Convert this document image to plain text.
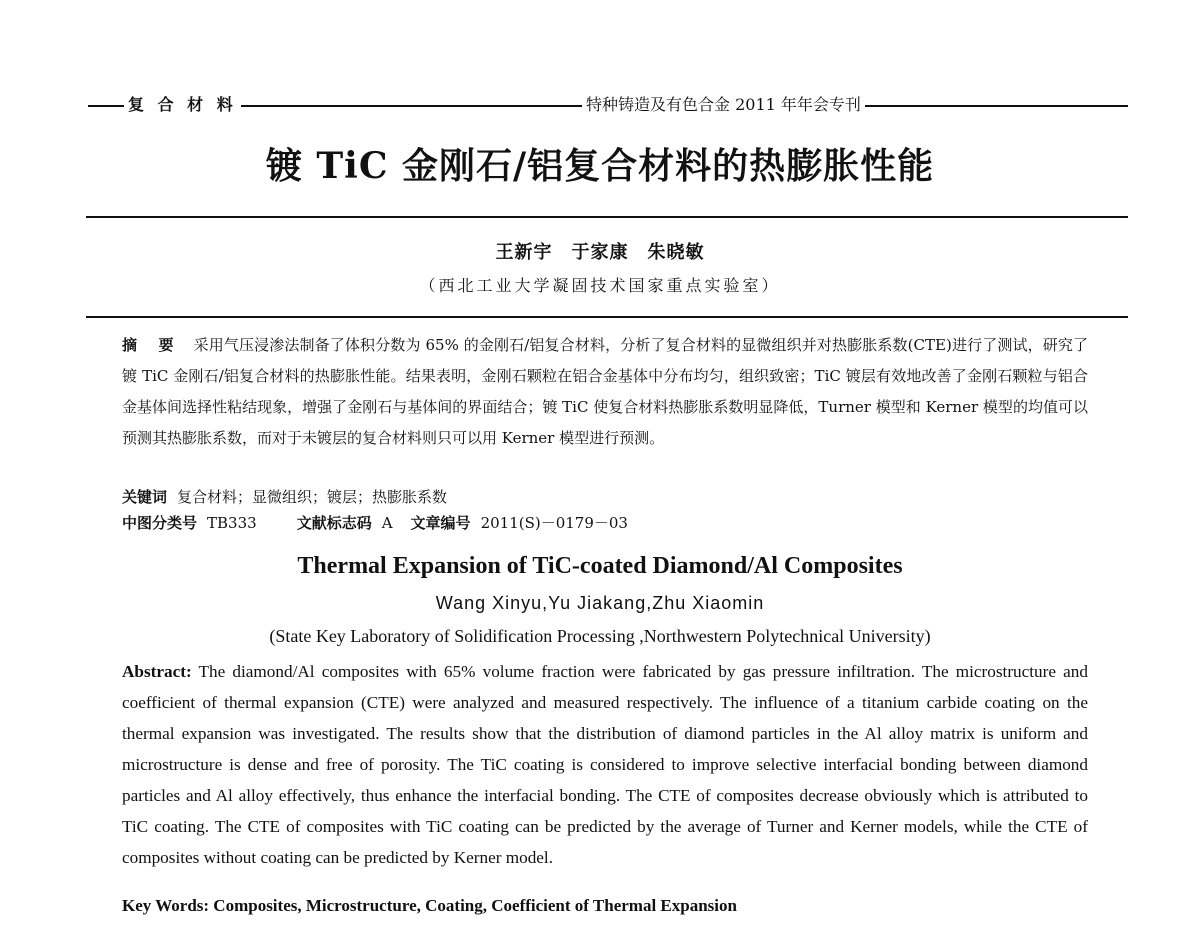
复 合 材 料	特种铸造及有色合金 2011 年年会专刊
镀 TiC 金刚石/铝复合材料的热膨胀性能
王新宇　于家康　朱晓敏
（西北工业大学凝固技术国家重点实验室）
摘 要 采用气压浸渗法制备了体积分数为 65% 的金刚石/铝复合材料，分析了复合材料的显微组织并对热膨胀系数(CTE)进行了测试，研究了镀 TiC 金刚石/铝复合材料的热膨胀性能。结果表明，金刚石颗粒在铝合金基体中分布均匀，组织致密；TiC 镀层有效地改善了金刚石颗粒与铝合金基体间选择性粘结现象，增强了金刚石与基体间的界面结合；镀 TiC 使复合材料热膨胀系数明显降低，Turner 模型和 Kerner 模型的均值可以预测其热膨胀系数，而对于未镀层的复合材料则只可以用 Kerner 模型进行预测。
关键词 复合材料；显微组织；镀层；热膨胀系数
中图分类号 TB333	文献标志码 A 文章编号 2011(S)－0179－03
Thermal Expansion of TiC-coated Diamond/Al Composites
Wang Xinyu,Yu Jiakang,Zhu Xiaomin
(State Key Laboratory of Solidification Processing ,Northwestern Polytechnical University)
Abstract: The diamond/Al composites with 65% volume fraction were fabricated by gas pressure infiltration. The microstructure and coefficient of thermal expansion (CTE) were analyzed and measured respectively. The influence of a titanium carbide coating on the thermal expansion was investigated. The results show that the distribution of diamond particles in the Al alloy matrix is uniform and microstructure is dense and free of porosity. The TiC coating is considered to improve selective interfacial bonding between diamond particles and Al alloy effectively, thus enhance the interfacial bonding. The CTE of composites decrease obviously which is attributed to TiC coating. The CTE of composites with TiC coating can be predicted by the average of Turner and Kerner models, while the CTE of composites without coating can be predicted by Kerner model.
Key Words: Composites, Microstructure, Coating, Coefficient of Thermal Expansion
